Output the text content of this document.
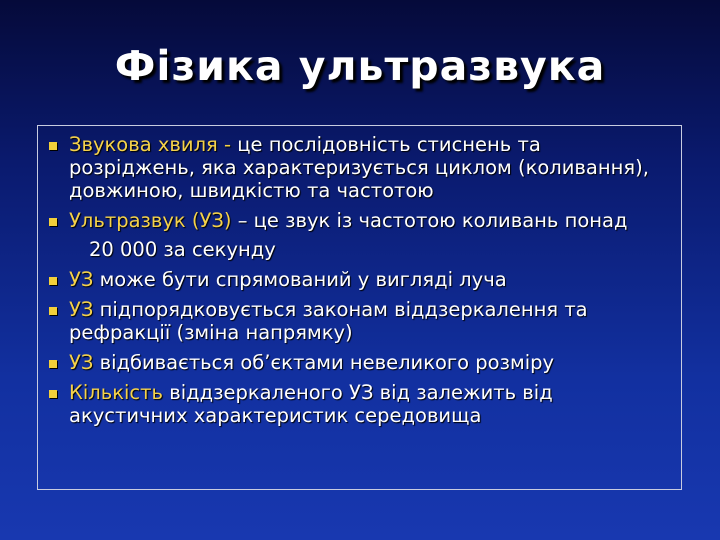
Фізика ультразвука
Звукова хвиля - це послідовність стиснень та розріджень, яка характеризується циклом (коливання), довжиною, швидкістю та частотою
Ультразвук (УЗ) – це звук із частотою коливань понад
20 000 за секунду
УЗ може бути спрямований у вигляді луча
УЗ підпорядковується законам віддзеркалення та рефракції (зміна напрямку)
УЗ відбивається об’єктами невеликого розміру
Кількість віддзеркаленого УЗ від залежить від акустичних характеристик середовища
